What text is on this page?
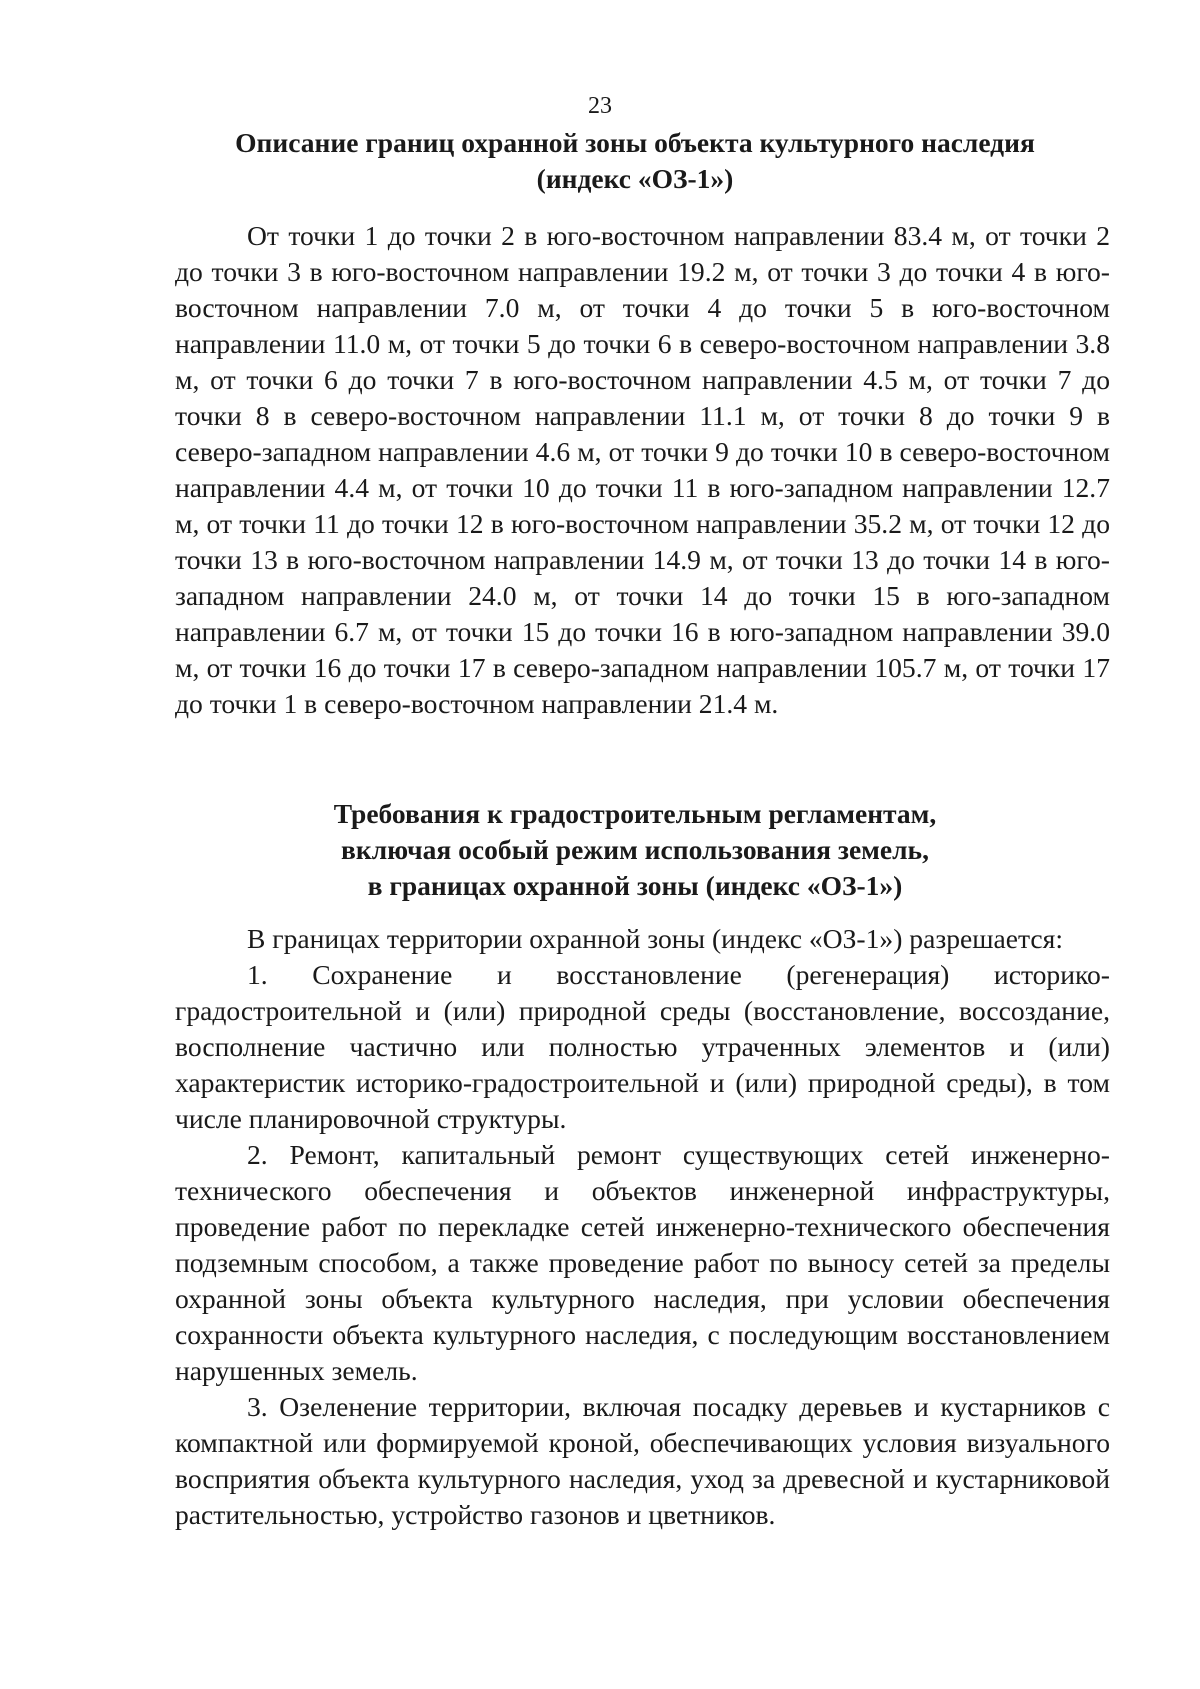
23
Описание границ охранной зоны объекта культурного наследия
(индекс «ОЗ-1»)

От точки 1 до точки 2 в юго-восточном направлении 83.4 м, от точки 2 до точки 3 в юго-восточном направлении 19.2 м, от точки 3 до точки 4 в юго-восточном направлении 7.0 м, от точки 4 до точки 5 в юго-восточном направлении 11.0 м, от точки 5 до точки 6 в северо-восточном направлении 3.8 м, от точки 6 до точки 7 в юго-восточном направлении 4.5 м, от точки 7 до точки 8 в северо-восточном направлении 11.1 м, от точки 8 до точки 9 в северо-западном направлении 4.6 м, от точки 9 до точки 10 в северо-восточном направлении 4.4 м, от точки 10 до точки 11 в юго-западном направлении 12.7 м, от точки 11 до точки 12 в юго-восточном направлении 35.2 м, от точки 12 до точки 13 в юго-восточном направлении 14.9 м, от точки 13 до точки 14 в юго-западном направлении 24.0 м, от точки 14 до точки 15 в юго-западном направлении 6.7 м, от точки 15 до точки 16 в юго-западном направлении 39.0 м, от точки 16 до точки 17 в северо-западном направлении 105.7 м, от точки 17 до точки 1 в северо-восточном направлении 21.4 м.

Требования к градостроительным регламентам,
включая особый режим использования земель,
в границах охранной зоны (индекс «ОЗ-1»)

В границах территории охранной зоны (индекс «ОЗ-1») разрешается:

1. Сохранение и восстановление (регенерация) историко-градостроительной и (или) природной среды (восстановление, воссоздание, восполнение частично или полностью утраченных элементов и (или) характеристик историко-градостроительной и (или) природной среды), в том числе планировочной структуры.

2. Ремонт, капитальный ремонт существующих сетей инженерно-технического обеспечения и объектов инженерной инфраструктуры, проведение работ по перекладке сетей инженерно-технического обеспечения подземным способом, а также проведение работ по выносу сетей за пределы охранной зоны объекта культурного наследия, при условии обеспечения сохранности объекта культурного наследия, с последующим восстановлением нарушенных земель.

3. Озеленение территории, включая посадку деревьев и кустарников с компактной или формируемой кроной, обеспечивающих условия визуального восприятия объекта культурного наследия, уход за древесной и кустарниковой растительностью, устройство газонов и цветников.
